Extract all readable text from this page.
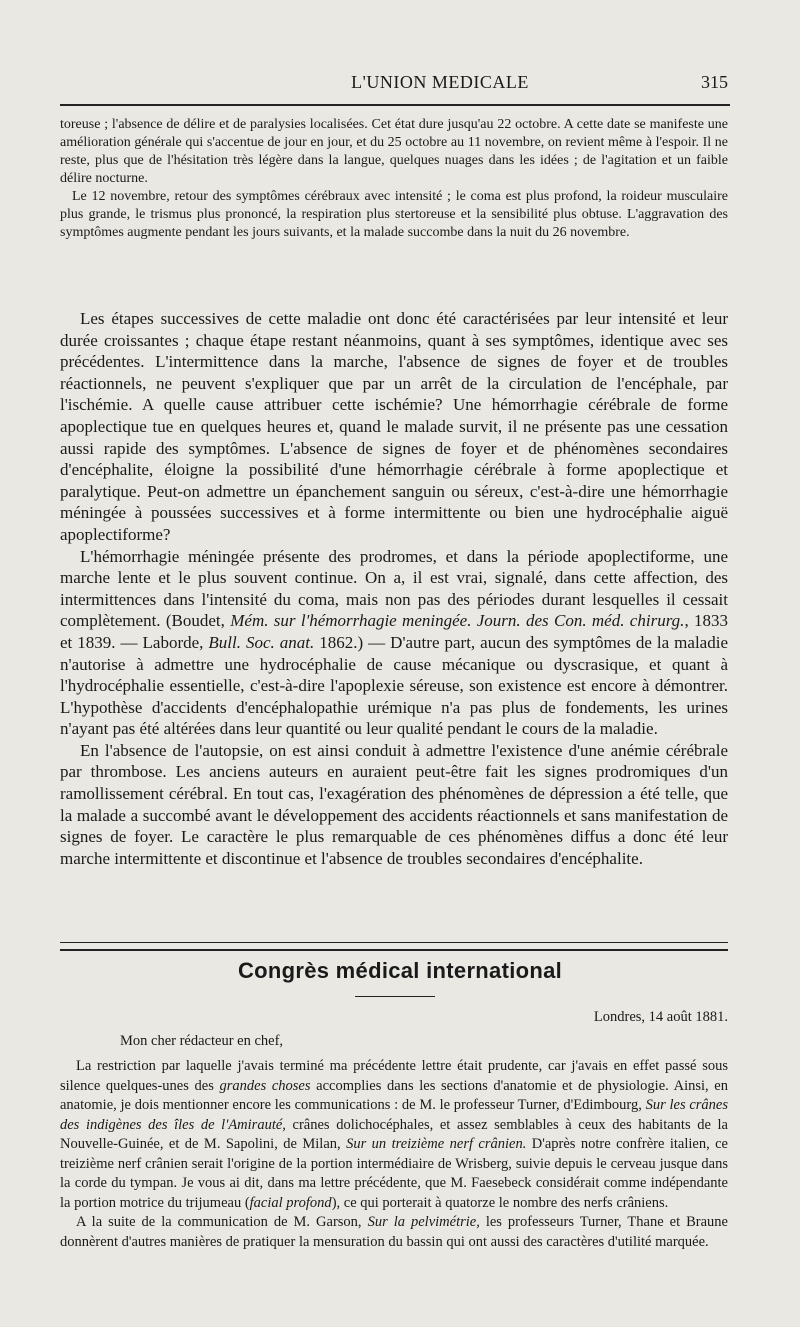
L'UNION MEDICALE	315

toreuse ; l'absence de délire et de paralysies localisées. Cet état dure jusqu'au 22 octobre. A cette date se manifeste une amélioration générale qui s'accentue de jour en jour, et du 25 octobre au 11 novembre, on revient même à l'espoir. Il ne reste, plus que de l'hésitation très légère dans la langue, quelques nuages dans les idées ; de l'agitation et un faible délire nocturne.

Le 12 novembre, retour des symptômes cérébraux avec intensité ; le coma est plus profond, la roideur musculaire plus grande, le trismus plus prononcé, la respiration plus stertoreuse et la sensibilité plus obtuse. L'aggravation des symptômes augmente pendant les jours suivants, et la malade succombe dans la nuit du 26 novembre.

Les étapes successives de cette maladie ont donc été caractérisées par leur intensité et leur durée croissantes ; chaque étape restant néanmoins, quant à ses symptômes, identique avec ses précédentes. L'intermittence dans la marche, l'absence de signes de foyer et de troubles réactionnels, ne peuvent s'expliquer que par un arrêt de la circulation de l'encéphale, par l'ischémie. A quelle cause attribuer cette ischémie? Une hémorrhagie cérébrale de forme apoplectique tue en quelques heures et, quand le malade survit, il ne présente pas une cessation aussi rapide des symptômes. L'absence de signes de foyer et de phénomènes secondaires d'encéphalite, éloigne la possibilité d'une hémorrhagie cérébrale à forme apoplectique et paralytique. Peut-on admettre un épanchement sanguin ou séreux, c'est-à-dire une hémorrhagie méningée à poussées successives et à forme intermittente ou bien une hydrocéphalie aiguë apoplectiforme?

L'hémorrhagie méningée présente des prodromes, et dans la période apoplectiforme, une marche lente et le plus souvent continue. On a, il est vrai, signalé, dans cette affection, des intermittences dans l'intensité du coma, mais non pas des périodes durant lesquelles il cessait complètement. (Boudet, Mém. sur l'hémorrhagie meningée. Journ. des Con. méd. chirurg., 1833 et 1839. — Laborde, Bull. Soc. anat. 1862.) — D'autre part, aucun des symptômes de la maladie n'autorise à admettre une hydrocéphalie de cause mécanique ou dyscrasique, et quant à l'hydrocéphalie essentielle, c'est-à-dire l'apoplexie séreuse, son existence est encore à démontrer. L'hypothèse d'accidents d'encéphalopathie urémique n'a pas plus de fondements, les urines n'ayant pas été altérées dans leur quantité ou leur qualité pendant le cours de la maladie.

En l'absence de l'autopsie, on est ainsi conduit à admettre l'existence d'une anémie cérébrale par thrombose. Les anciens auteurs en auraient peut-être fait les signes prodromiques d'un ramollissement cérébral. En tout cas, l'exagération des phénomènes de dépression a été telle, que la malade a succombé avant le développement des accidents réactionnels et sans manifestation de signes de foyer. Le caractère le plus remarquable de ces phénomènes diffus a donc été leur marche intermittente et discontinue et l'absence de troubles secondaires d'encéphalite.

Congrès médical international

Londres, 14 août 1881.

Mon cher rédacteur en chef,

La restriction par laquelle j'avais terminé ma précédente lettre était prudente, car j'avais en effet passé sous silence quelques-unes des grandes choses accomplies dans les sections d'anatomie et de physiologie. Ainsi, en anatomie, je dois mentionner encore les communications : de M. le professeur Turner, d'Edimbourg, Sur les crânes des indigènes des îles de l'Amirauté, crânes dolichocéphales, et assez semblables à ceux des habitants de la Nouvelle-Guinée, et de M. Sapolini, de Milan, Sur un treizième nerf crânien. D'après notre confrère italien, ce treizième nerf crânien serait l'origine de la portion intermédiaire de Wrisberg, suivie depuis le cerveau jusque dans la corde du tympan. Je vous ai dit, dans ma lettre précédente, que M. Faesebeck considérait comme indépendante la portion motrice du trijumeau (facial profond), ce qui porterait à quatorze le nombre des nerfs crâniens.

A la suite de la communication de M. Garson, Sur la pelvimétrie, les professeurs Turner, Thane et Braune donnèrent d'autres manières de pratiquer la mensuration du bassin qui ont aussi des caractères d'utilité marquée.
